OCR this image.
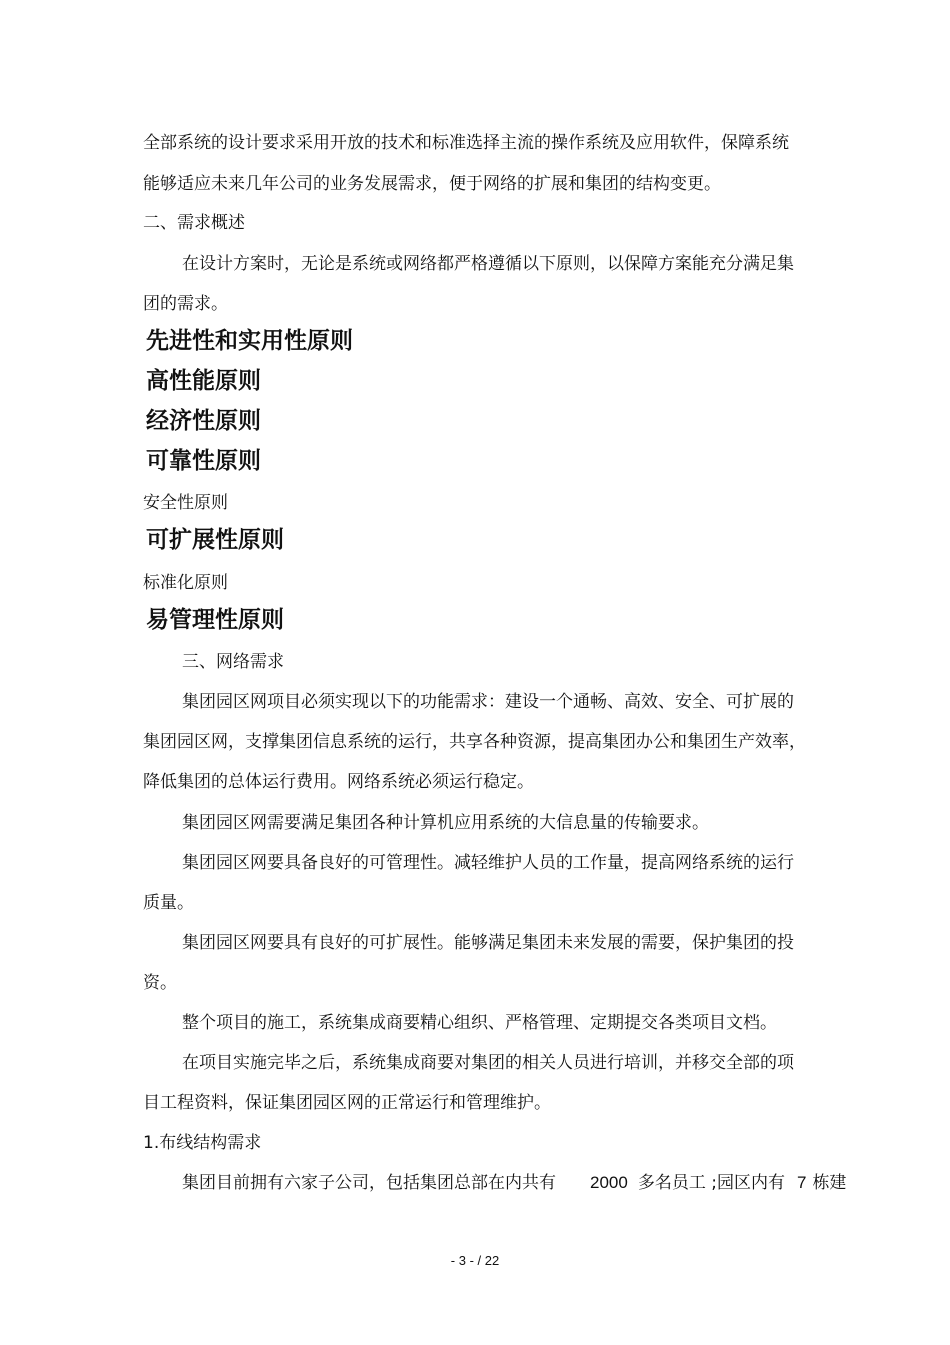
全部系统的设计要求采用开放的技术和标准选择主流的操作系统及应用软件，保障系统
能够适应未来几年公司的业务发展需求，便于网络的扩展和集团的结构变更。
二、需求概述
在设计方案时，无论是系统或网络都严格遵循以下原则，以保障方案能充分满足集
团的需求。
先进性和实用性原则
高性能原则
经济性原则
可靠性原则
安全性原则
可扩展性原则
标准化原则
易管理性原则
三、网络需求
集团园区网项目必须实现以下的功能需求：建设一个通畅、高效、安全、可扩展的
集团园区网，支撑集团信息系统的运行，共享各种资源，提高集团办公和集团生产效率，
降低集团的总体运行费用。网络系统必须运行稳定。
集团园区网需要满足集团各种计算机应用系统的大信息量的传输要求。
集团园区网要具备良好的可管理性。减轻维护人员的工作量，提高网络系统的运行
质量。
集团园区网要具有良好的可扩展性。能够满足集团未来发展的需要，保护集团的投
资。
整个项目的施工，系统集成商要精心组织、严格管理、定期提交各类项目文档。
在项目实施完毕之后，系统集成商要对集团的相关人员进行培训，并移交全部的项
目工程资料，保证集团园区网的正常运行和管理维护。
1.布线结构需求
集团目前拥有六家子公司，包括集团总部在内共有 2000 多名员工 ;园区内有 7 栋建
- 3 - / 22
